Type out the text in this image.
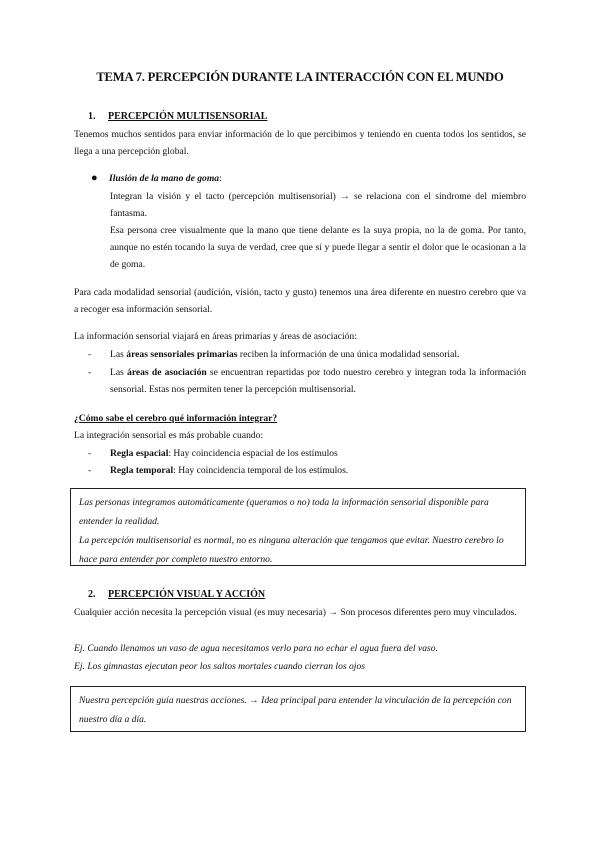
TEMA 7. PERCEPCIÓN DURANTE LA INTERACCIÓN CON EL MUNDO
1. PERCEPCIÓN MULTISENSORIAL
Tenemos muchos sentidos para enviar información de lo que percibimos y teniendo en cuenta todos los sentidos, se llega a una percepción global.
● Ilusión de la mano de goma:
Integran la visión y el tacto (percepción multisensorial) → se relaciona con el síndrome del miembro fantasma.
Esa persona cree visualmente que la mano que tiene delante es la suya propia, no la de goma. Por tanto, aunque no estén tocando la suya de verdad, cree que sí y puede llegar a sentir el dolor que le ocasionan a la de goma.
Para cada modalidad sensorial (audición, visión, tacto y gusto) tenemos una área diferente en nuestro cerebro que va a recoger esa información sensorial.
La información sensorial viajará en áreas primarias y áreas de asociación:
- Las áreas sensoriales primarias reciben la información de una única modalidad sensorial.
- Las áreas de asociación se encuentran repartidas por todo nuestro cerebro y integran toda la información sensorial. Estas nos permiten tener la percepción multisensorial.
¿Cómo sabe el cerebro qué información integrar?
La integración sensorial es más probable cuando:
- Regla espacial: Hay coincidencia espacial de los estímulos
- Regla temporal: Hay coincidencia temporal de los estímulos.
Las personas integramos automáticamente (queramos o no) toda la información sensorial disponible para entender la realidad.
La percepción multisensorial es normal, no es ninguna alteración que tengamos que evitar. Nuestro cerebro lo hace para entender por completo nuestro entorno.
2. PERCEPCIÓN VISUAL Y ACCIÓN
Cualquier acción necesita la percepción visual (es muy necesaria) → Son procesos diferentes pero muy vinculados.
Ej. Cuando llenamos un vaso de agua necesitamos verlo para no echar el agua fuera del vaso.
Ej. Los gimnastas ejecutan peor los saltos mortales cuando cierran los ojos
Nuestra percepción guía nuestras acciones. → Idea principal para entender la vinculación de la percepción con nuestro día a día.
